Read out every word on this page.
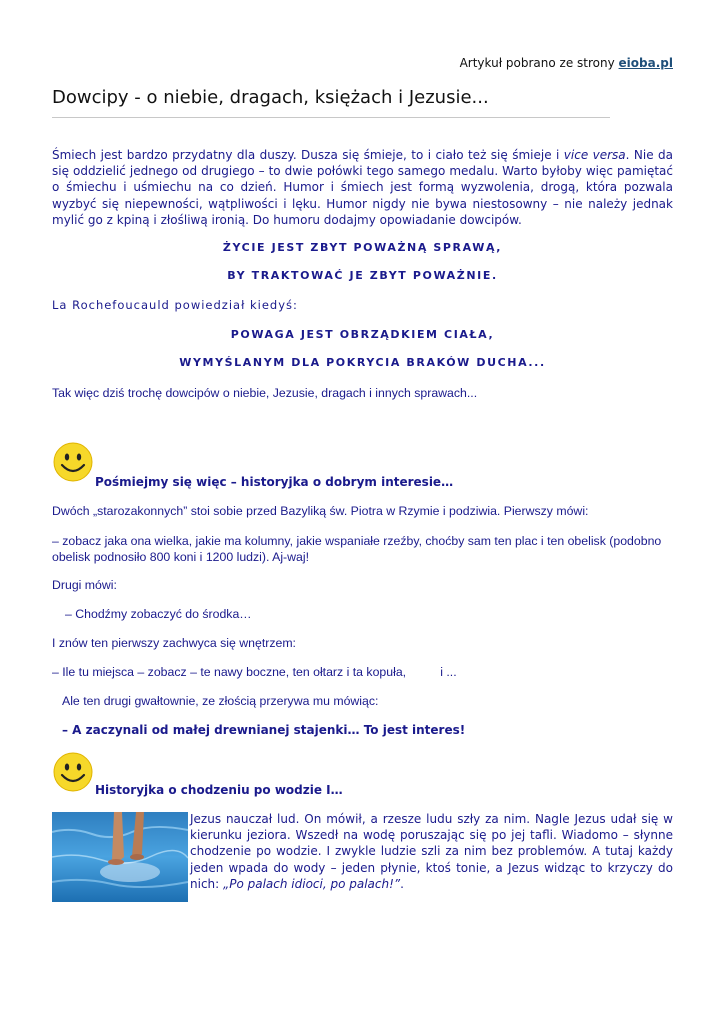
Artykuł pobrano ze strony eioba.pl
Dowcipy - o niebie, dragach, księżach i Jezusie...
Śmiech jest bardzo przydatny dla duszy. Dusza się śmieje, to i ciało też się śmieje i vice versa. Nie da się oddzielić jednego od drugiego – to dwie połówki tego samego medalu. Warto byłoby więc pamiętać o śmiechu i uśmiechu na co dzień. Humor i śmiech jest formą wyzwolenia, drogą, która pozwala wyzbyć się niepewności, wątpliwości i lęku. Humor nigdy nie bywa niestosowny – nie należy jednak mylić go z kpiną i złośliwą ironią. Do humoru dodajmy opowiadanie dowcipów.
ŻYCIE JEST ZBYT POWAŻNĄ SPRAWĄ,
BY TRAKTOWAĆ JE ZBYT POWAŻNIE.
La Rochefoucauld powiedział kiedyś:
POWAGA JEST OBRZĄDKIEM CIAŁA,
WYMYŚLANYM DLA POKRYCIA BRAKÓW DUCHA...
Tak więc dziś trochę dowcipów o niebie, Jezusie, dragach i innych sprawach...
Pośmiejmy się więc – historyjka o dobrym interesie…
Dwóch „starozakonnych” stoi sobie przed Bazyliką św. Piotra w Rzymie i podziwia. Pierwszy mówi:
– zobacz jaka ona wielka, jakie ma kolumny, jakie wspaniałe rzeźby, choćby sam ten plac i ten obelisk (podobno obelisk podnosiło 800 koni i 1200 ludzi). Aj-waj!
Drugi mówi:
– Chodźmy zobaczyć do środka…
I znów ten pierwszy zachwyca się wnętrzem:
– Ile tu miejsca – zobacz – te nawy boczne, ten ołtarz i ta kopuła,          i ...
Ale ten drugi gwałtownie, ze złością przerywa mu mówiąc:
– A zaczynali od małej drewnianej stajenki… To jest interes!
Historyjka o chodzeniu po wodzie I…
Jezus nauczał lud. On mówił, a rzesze ludu szły za nim. Nagle Jezus udał się w kierunku jeziora. Wszedł na wodę poruszając się po jej tafli. Wiadomo – słynne chodzenie po wodzie. I zwykle ludzie szli za nim bez problemów. A tutaj każdy jeden wpada do wody – jeden płynie, ktoś tonie, a Jezus widząc to krzyczy do nich: „Po palach idioci, po palach!”.
